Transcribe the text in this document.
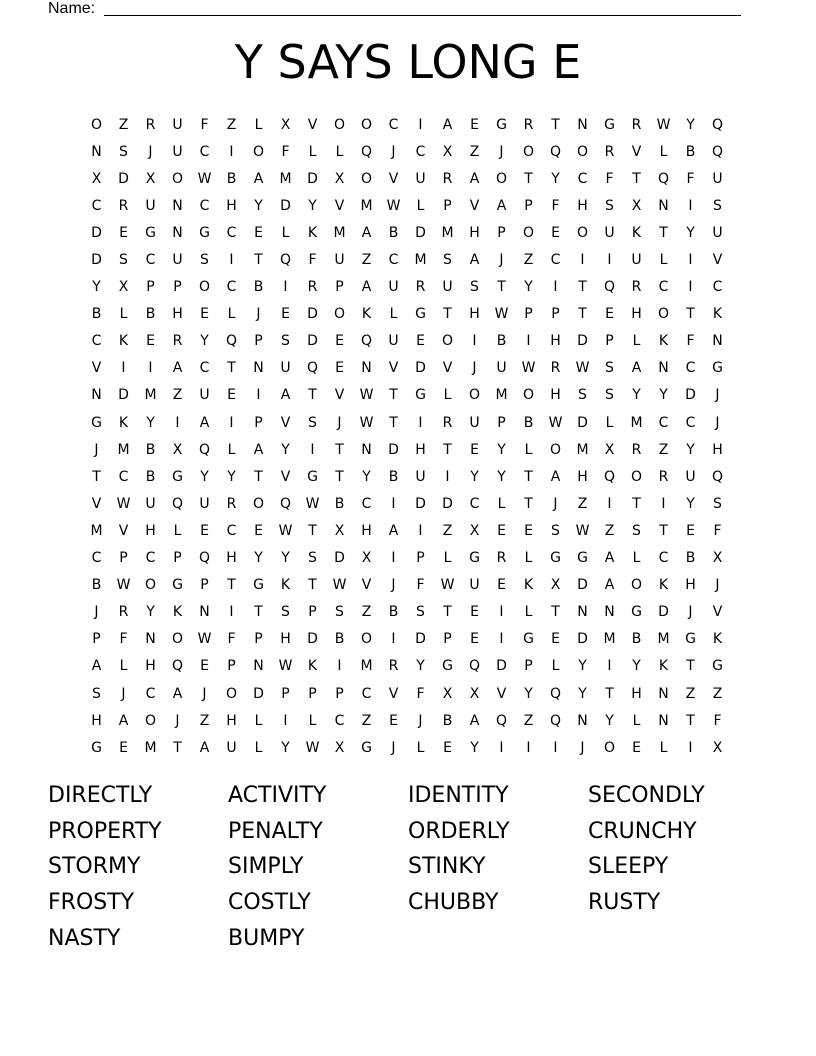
Name:
Y SAYS LONG E
O	Z	R	U	F	Z	L	X	V	O	O	C	I	A	E	G	R	T	N	G	R	W	Y	Q
N	S	J	U	C	I	O	F	L	L	Q	J	C	X	Z	J	O	Q	O	R	V	L	B	Q
X	D	X	O	W	B	A	M	D	X	O	V	U	R	A	O	T	Y	C	F	T	Q	F	U
C	R	U	N	C	H	Y	D	Y	V	M	W	L	P	V	A	P	F	H	S	X	N	I	S
D	E	G	N	G	C	E	L	K	M	A	B	D	M	H	P	O	E	O	U	K	T	Y	U
D	S	C	U	S	I	T	Q	F	U	Z	C	M	S	A	J	Z	C	I	I	U	L	I	V
Y	X	P	P	O	C	B	I	R	P	A	U	R	U	S	T	Y	I	T	Q	R	C	I	C
B	L	B	H	E	L	J	E	D	O	K	L	G	T	H	W	P	P	T	E	H	O	T	K
C	K	E	R	Y	Q	P	S	D	E	Q	U	E	O	I	B	I	H	D	P	L	K	F	N
V	I	I	A	C	T	N	U	Q	E	N	V	D	V	J	U	W	R	W	S	A	N	C	G
N	D	M	Z	U	E	I	A	T	V	W	T	G	L	O	M	O	H	S	S	Y	Y	D	J
G	K	Y	I	A	I	P	V	S	J	W	T	I	R	U	P	B	W	D	L	M	C	C	J
J	M	B	X	Q	L	A	Y	I	T	N	D	H	T	E	Y	L	O	M	X	R	Z	Y	H
T	C	B	G	Y	Y	T	V	G	T	Y	B	U	I	Y	Y	T	A	H	Q	O	R	U	Q
V	W	U	Q	U	R	O	Q	W	B	C	I	D	D	C	L	T	J	Z	I	T	I	Y	S
M	V	H	L	E	C	E	W	T	X	H	A	I	Z	X	E	E	S	W	Z	S	T	E	F
C	P	C	P	Q	H	Y	Y	S	D	X	I	P	L	G	R	L	G	G	A	L	C	B	X
B	W	O	G	P	T	G	K	T	W	V	J	F	W	U	E	K	X	D	A	O	K	H	J
J	R	Y	K	N	I	T	S	P	S	Z	B	S	T	E	I	L	T	N	N	G	D	J	V
P	F	N	O	W	F	P	H	D	B	O	I	D	P	E	I	G	E	D	M	B	M	G	K
A	L	H	Q	E	P	N	W	K	I	M	R	Y	G	Q	D	P	L	Y	I	Y	K	T	G
S	J	C	A	J	O	D	P	P	P	C	V	F	X	X	V	Y	Q	Y	T	H	N	Z	Z
H	A	O	J	Z	H	L	I	L	C	Z	E	J	B	A	Q	Z	Q	N	Y	L	N	T	F
G	E	M	T	A	U	L	Y	W	X	G	J	L	E	Y	I	I	I	J	O	E	L	I	X
DIRECTLY	ACTIVITY	IDENTITY	SECONDLY
PROPERTY	PENALTY	ORDERLY	CRUNCHY
STORMY	SIMPLY	STINKY	SLEEPY
FROSTY	COSTLY	CHUBBY	RUSTY
NASTY	BUMPY
